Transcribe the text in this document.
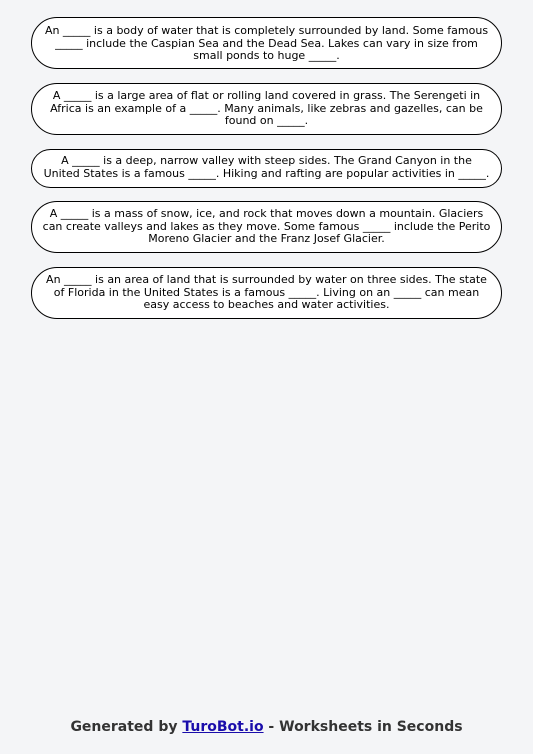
An _____ is a body of water that is completely surrounded by land. Some famous _____ include the Caspian Sea and the Dead Sea. Lakes can vary in size from small ponds to huge _____.
A _____ is a large area of flat or rolling land covered in grass. The Serengeti in Africa is an example of a _____. Many animals, like zebras and gazelles, can be found on _____.
A _____ is a deep, narrow valley with steep sides. The Grand Canyon in the United States is a famous _____. Hiking and rafting are popular activities in _____.
A _____ is a mass of snow, ice, and rock that moves down a mountain. Glaciers can create valleys and lakes as they move. Some famous _____ include the Perito Moreno Glacier and the Franz Josef Glacier.
An _____ is an area of land that is surrounded by water on three sides. The state of Florida in the United States is a famous _____. Living on an _____ can mean easy access to beaches and water activities.
Generated by TuroBot.io - Worksheets in Seconds
